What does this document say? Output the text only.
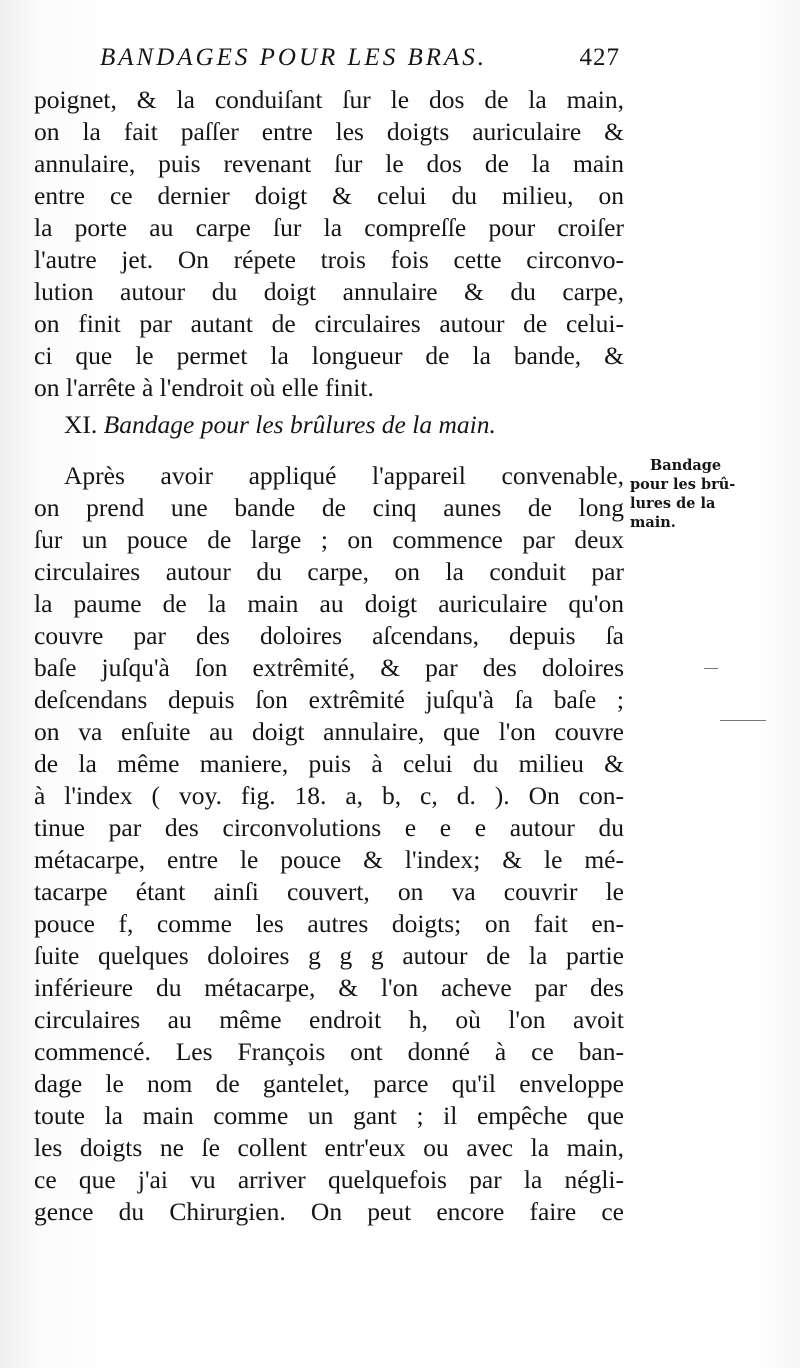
BANDAGES POUR LES BRAS.	427
poignet, & la conduiſant ſur le dos de la main,
on la fait paſſer entre les doigts auriculaire &
annulaire, puis revenant ſur le dos de la main
entre ce dernier doigt & celui du milieu, on
la porte au carpe ſur la compreſſe pour croiſer
l'autre jet. On répete trois fois cette circonvo-
lution autour du doigt annulaire & du carpe,
on finit par autant de circulaires autour de celui-
ci que le permet la longueur de la bande, &
on l'arrête à l'endroit où elle finit.
XI. Bandage pour les brûlures de la main.
Bandage
pour les brû-
lures de la
main.
Après avoir appliqué l'appareil convenable,
on prend une bande de cinq aunes de long
ſur un pouce de large ; on commence par deux
circulaires autour du carpe, on la conduit par
la paume de la main au doigt auriculaire qu'on
couvre par des doloires aſcendans, depuis ſa
baſe juſqu'à ſon extrêmité, & par des doloires
deſcendans depuis ſon extrêmité juſqu'à ſa baſe ;
on va enſuite au doigt annulaire, que l'on couvre
de la même maniere, puis à celui du milieu &
à l'index ( voy. fig. 18. a, b, c, d. ). On con-
tinue par des circonvolutions e e e autour du
métacarpe, entre le pouce & l'index; & le mé-
tacarpe étant ainſi couvert, on va couvrir le
pouce f, comme les autres doigts; on fait en-
ſuite quelques doloires g g g autour de la partie
inférieure du métacarpe, & l'on acheve par des
circulaires au même endroit h, où l'on avoit
commencé. Les François ont donné à ce ban-
dage le nom de gantelet, parce qu'il enveloppe
toute la main comme un gant ; il empêche que
les doigts ne ſe collent entr'eux ou avec la main,
ce que j'ai vu arriver quelquefois par la négli-
gence du Chirurgien. On peut encore faire ce
